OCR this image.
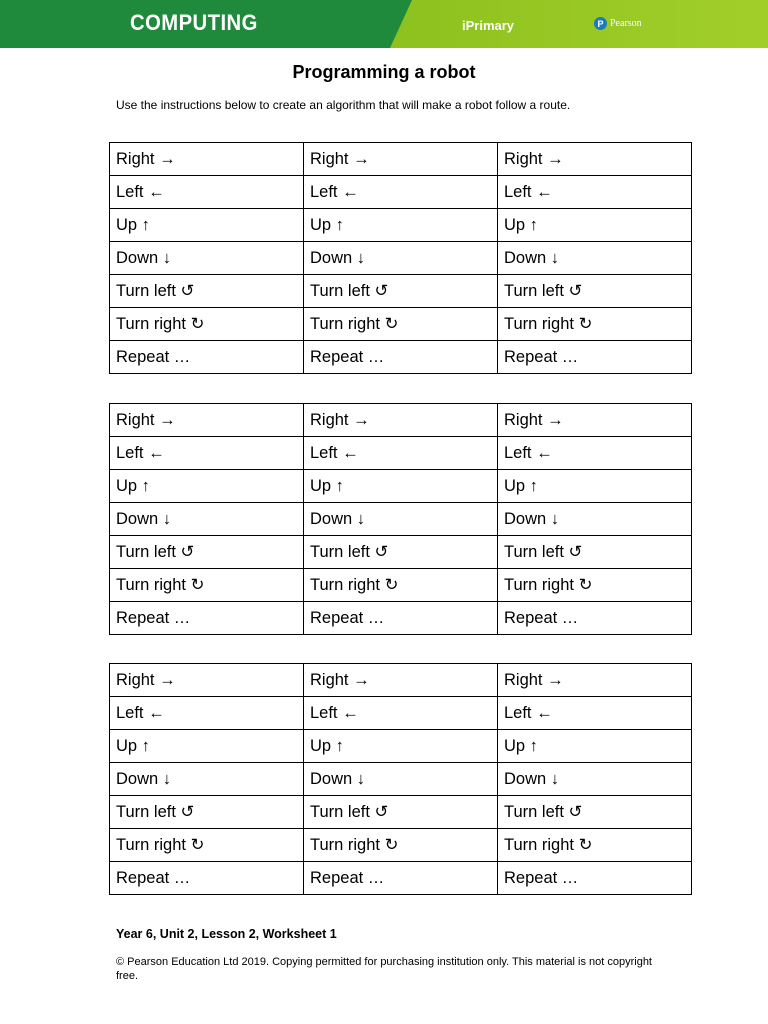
COMPUTING	iPrimary	P Pearson
Programming a robot
Use the instructions below to create an algorithm that will make a robot follow a route.
Right →	Right →	Right →
Left ←	Left ←	Left ←
Up ↑	Up ↑	Up ↑
Down ↓	Down ↓	Down ↓
Turn left ↺	Turn left ↺	Turn left ↺
Turn right ↻	Turn right ↻	Turn right ↻
Repeat …	Repeat …	Repeat …
Right →	Right →	Right →
Left ←	Left ←	Left ←
Up ↑	Up ↑	Up ↑
Down ↓	Down ↓	Down ↓
Turn left ↺	Turn left ↺	Turn left ↺
Turn right ↻	Turn right ↻	Turn right ↻
Repeat …	Repeat …	Repeat …
Right →	Right →	Right →
Left ←	Left ←	Left ←
Up ↑	Up ↑	Up ↑
Down ↓	Down ↓	Down ↓
Turn left ↺	Turn left ↺	Turn left ↺
Turn right ↻	Turn right ↻	Turn right ↻
Repeat …	Repeat …	Repeat …
Year 6, Unit 2, Lesson 2, Worksheet 1
© Pearson Education Ltd 2019. Copying permitted for purchasing institution only. This material is not copyright free.
